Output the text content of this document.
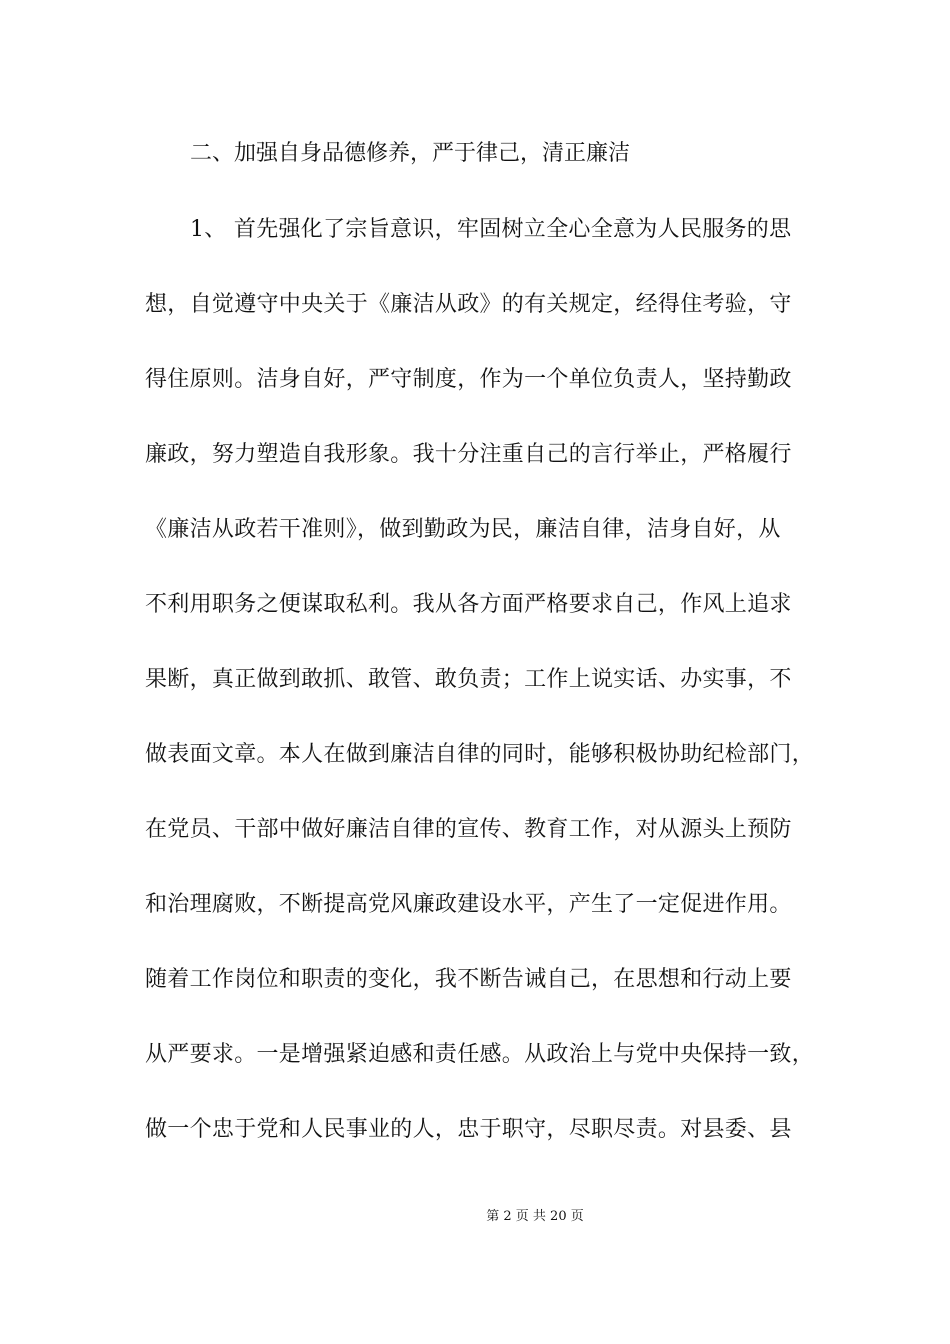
二、加强自身品德修养，严于律己，清正廉洁
1、 首先强化了宗旨意识，牢固树立全心全意为人民服务的思
想，自觉遵守中央关于《廉洁从政》的有关规定，经得住考验，守
得住原则。洁身自好，严守制度，作为一个单位负责人，坚持勤政
廉政，努力塑造自我形象。我十分注重自己的言行举止，严格履行
《廉洁从政若干准则》，做到勤政为民，廉洁自律，洁身自好，从
不利用职务之便谋取私利。我从各方面严格要求自己，作风上追求
果断，真正做到敢抓、敢管、敢负责；工作上说实话、办实事，不
做表面文章。本人在做到廉洁自律的同时，能够积极协助纪检部门，
在党员、干部中做好廉洁自律的宣传、教育工作，对从源头上预防
和治理腐败，不断提高党风廉政建设水平，产生了一定促进作用。
随着工作岗位和职责的变化，我不断告诫自己，在思想和行动上要
从严要求。一是增强紧迫感和责任感。从政治上与党中央保持一致，
做一个忠于党和人民事业的人，忠于职守，尽职尽责。对县委、县
第 2 页 共 20 页
